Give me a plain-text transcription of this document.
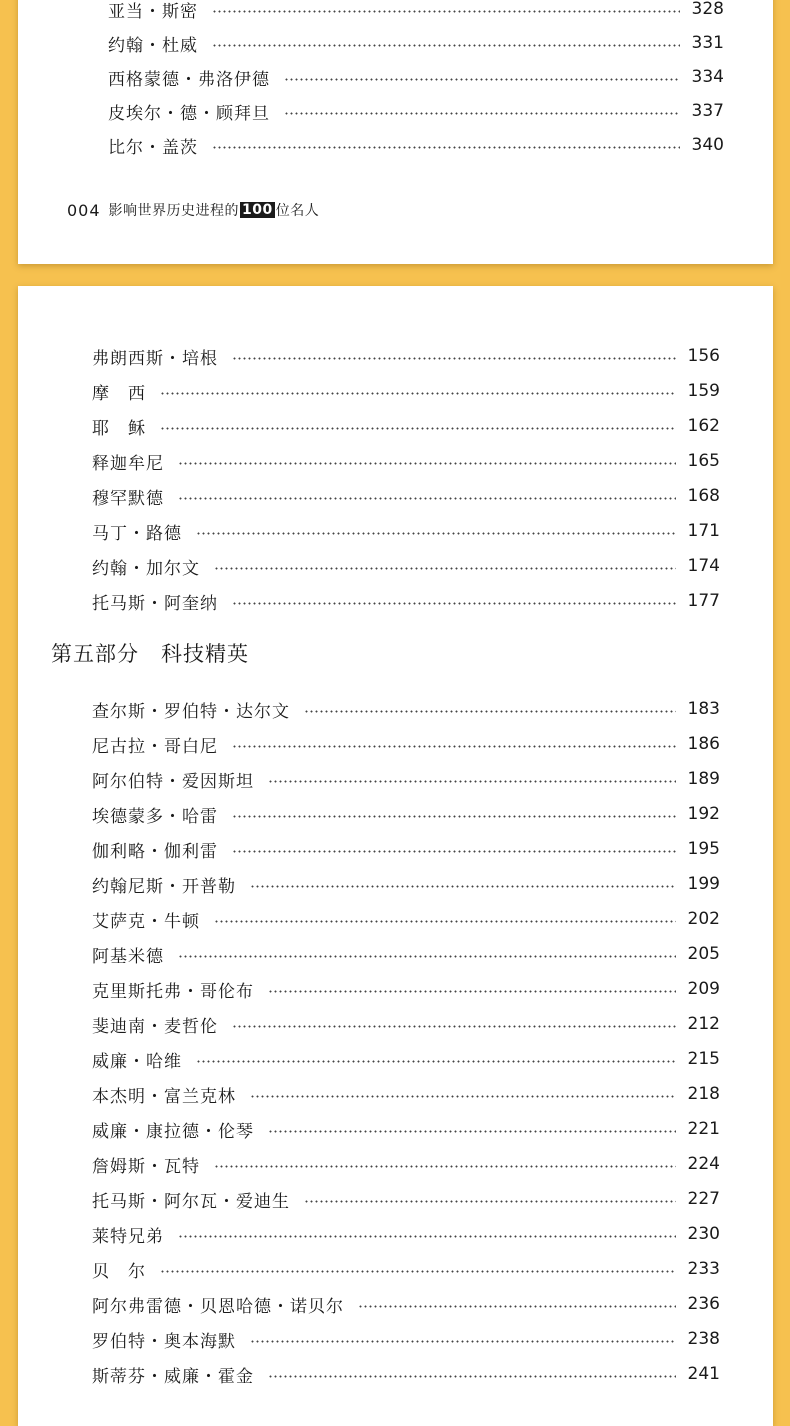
亚当・斯密	328
约翰・杜威	331
西格蒙德・弗洛伊德	334
皮埃尔・德・顾拜旦	337
比尔・盖茨	340
004 影响世界历史进程的 100 位名人
弗朗西斯・培根	156
摩　西	159
耶　稣	162
释迦牟尼	165
穆罕默德	168
马丁・路德	171
约翰・加尔文	174
托马斯・阿奎纳	177
第五部分　科技精英
查尔斯・罗伯特・达尔文	183
尼古拉・哥白尼	186
阿尔伯特・爱因斯坦	189
埃德蒙多・哈雷	192
伽利略・伽利雷	195
约翰尼斯・开普勒	199
艾萨克・牛顿	202
阿基米德	205
克里斯托弗・哥伦布	209
斐迪南・麦哲伦	212
威廉・哈维	215
本杰明・富兰克林	218
威廉・康拉德・伦琴	221
詹姆斯・瓦特	224
托马斯・阿尔瓦・爱迪生	227
莱特兄弟	230
贝　尔	233
阿尔弗雷德・贝恩哈德・诺贝尔	236
罗伯特・奥本海默	238
斯蒂芬・威廉・霍金	241
